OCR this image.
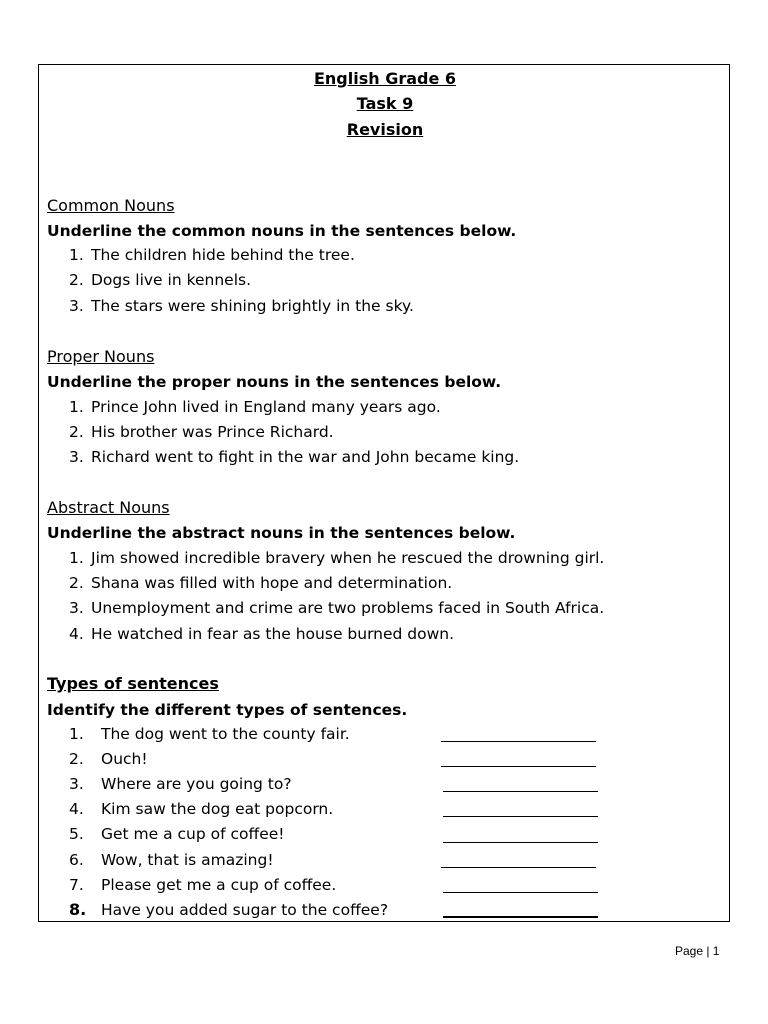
English Grade 6
Task 9
Revision
Common Nouns
Underline the common nouns in the sentences below.
1. The children hide behind the tree.
2. Dogs live in kennels.
3. The stars were shining brightly in the sky.
Proper Nouns
Underline the proper nouns in the sentences below.
1. Prince John lived in England many years ago.
2. His brother was Prince Richard.
3. Richard went to fight in the war and John became king.
Abstract Nouns
Underline the abstract nouns in the sentences below.
1. Jim showed incredible bravery when he rescued the drowning girl.
2. Shana was filled with hope and determination.
3. Unemployment and crime are two problems faced in South Africa.
4. He watched in fear as the house burned down.
Types of sentences
Identify the different types of sentences.
1. The dog went to the county fair.
2. Ouch!
3. Where are you going to?
4. Kim saw the dog eat popcorn.
5. Get me a cup of coffee!
6. Wow, that is amazing!
7. Please get me a cup of coffee.
8. Have you added sugar to the coffee?
Page | 1
